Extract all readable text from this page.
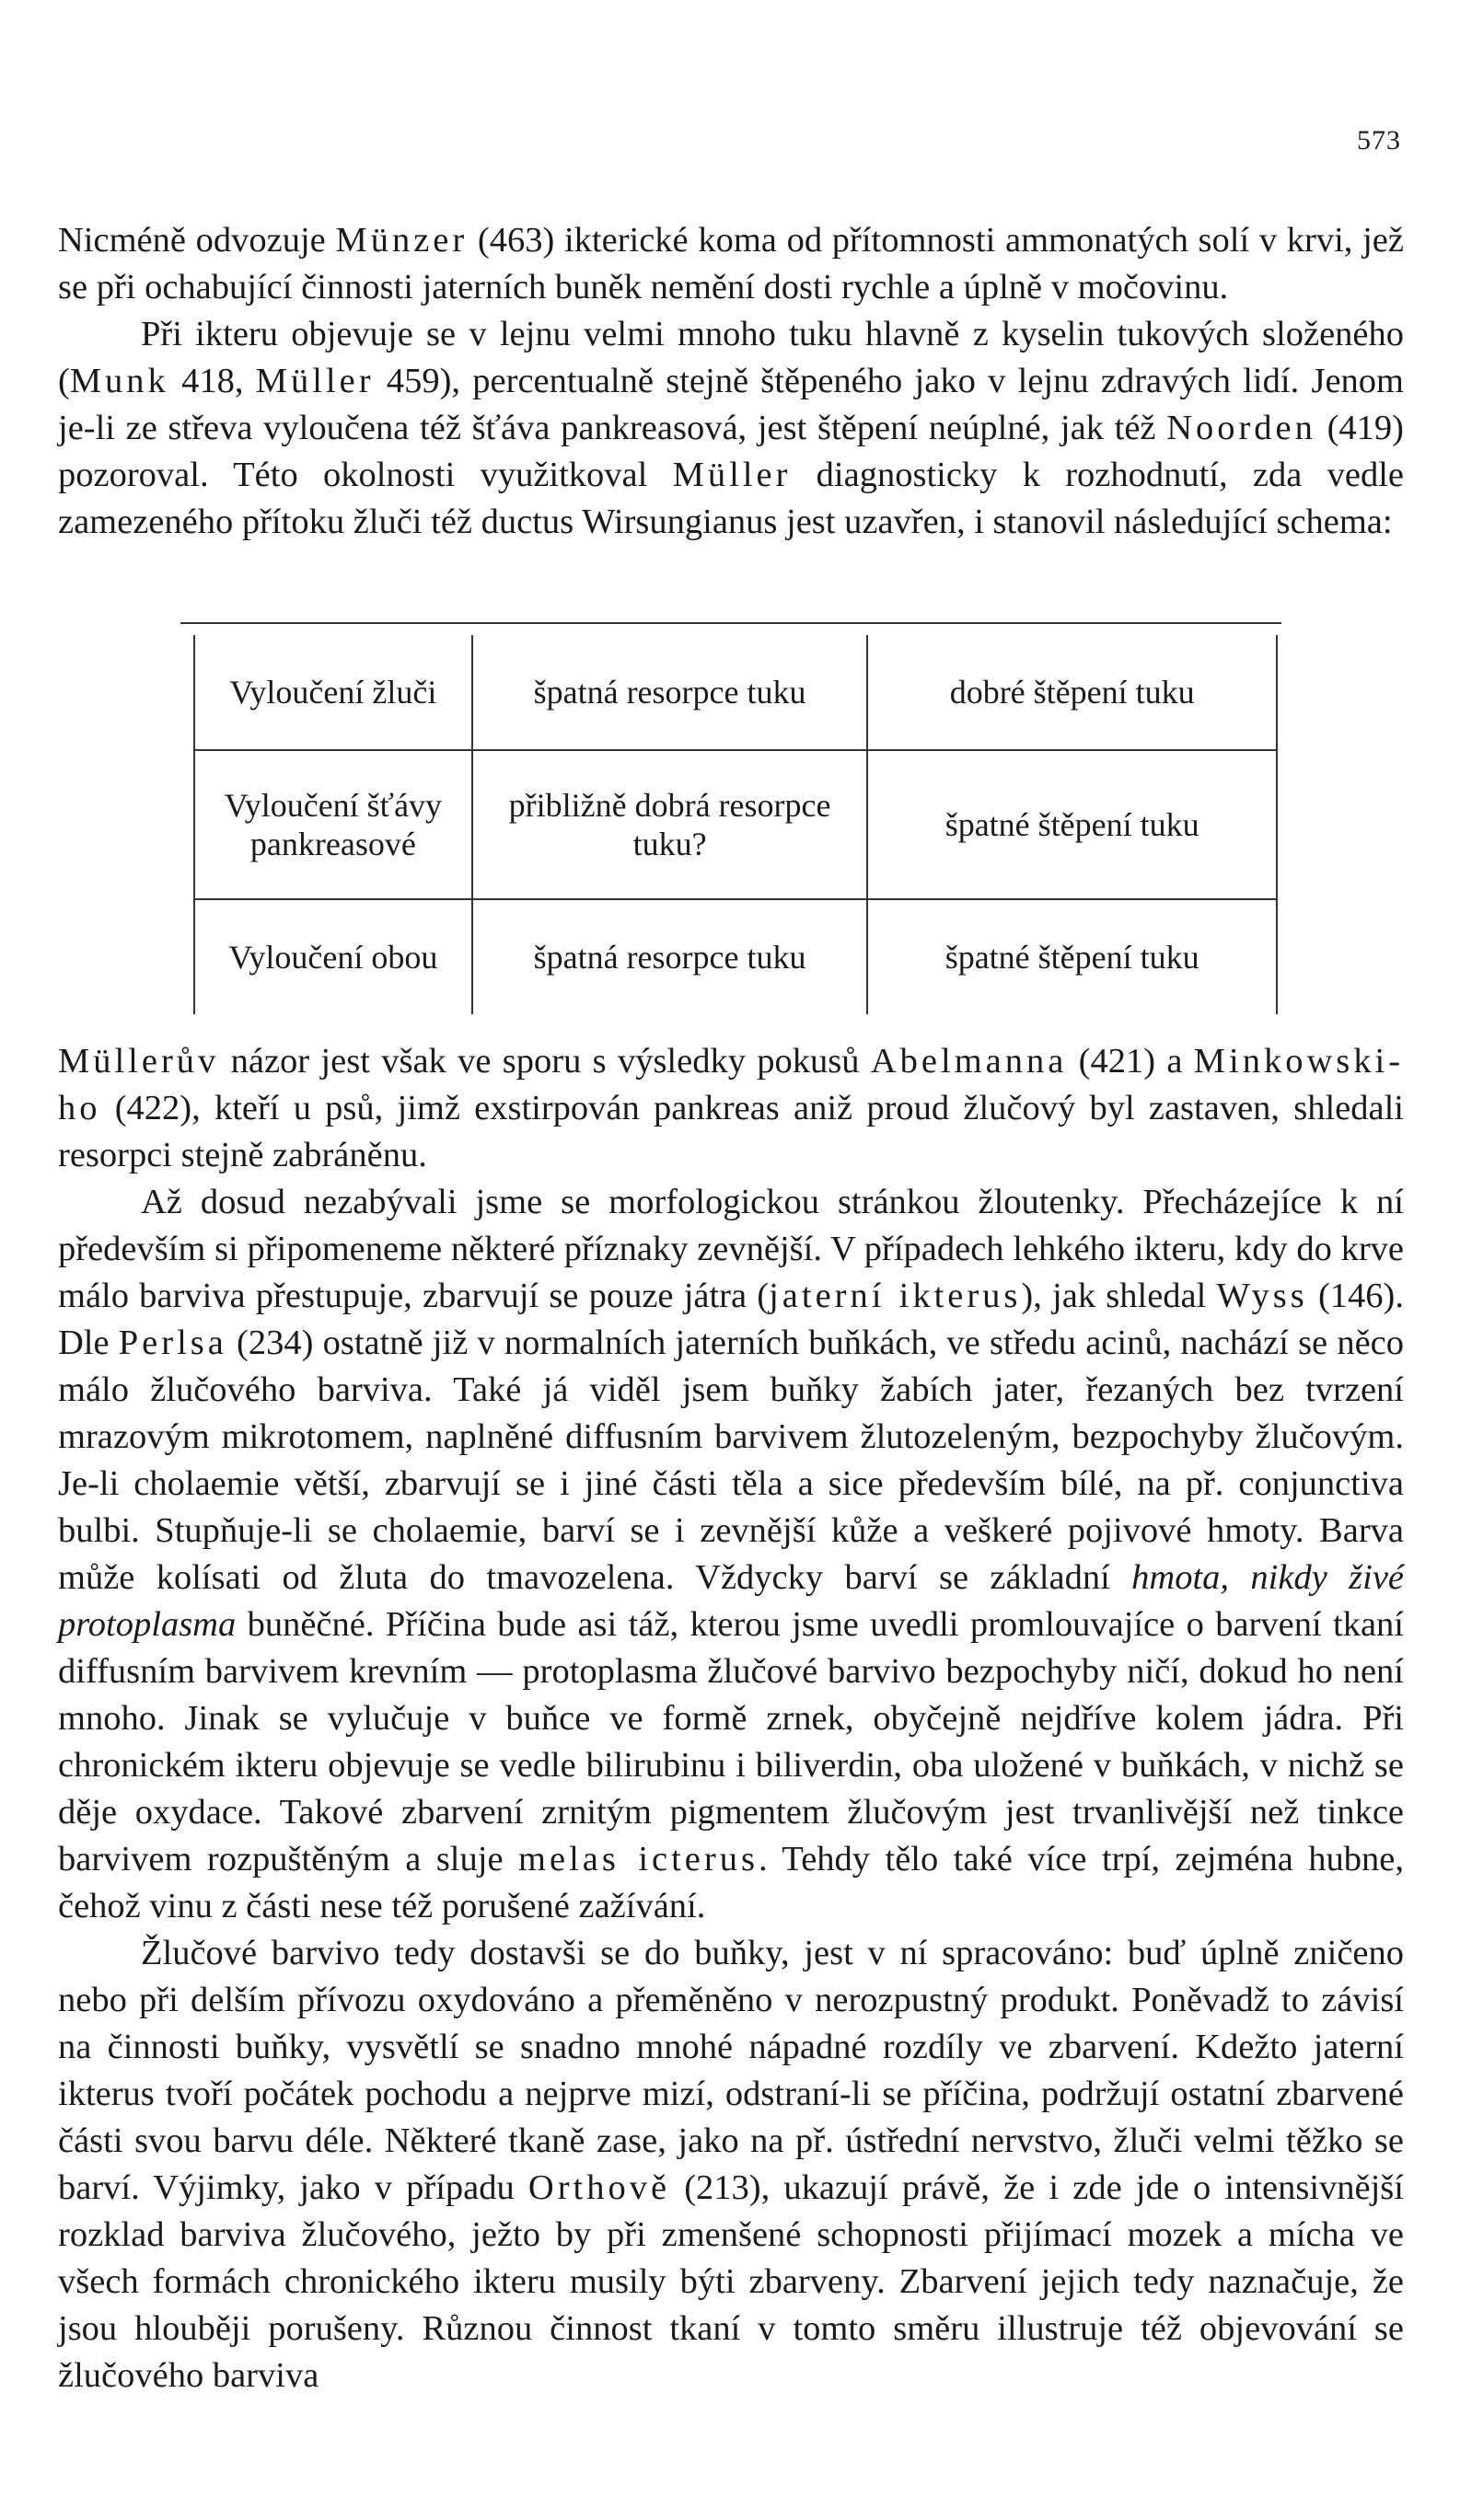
573

Nicméně odvozuje Münzer (463) ikterické koma od přítomnosti ammonatých solí v krvi, jež se při ochabující činnosti jaterních buněk nemění dosti rychle a úplně v močovinu.

Při ikteru objevuje se v lejnu velmi mnoho tuku hlavně z kyselin tukových složeného (Munk 418, Müller 459), percentualně stejně štěpeného jako v lejnu zdravých lidí. Jenom je-li ze střeva vyloučena též šťáva pankreasová, jest štěpení neúplné, jak též Noorden (419) pozoroval. Této okolnosti využitkoval Müller diagnosticky k rozhodnutí, zda vedle zamezeného přítoku žluči též ductus Wirsungianus jest uzavřen, i stanovil následující schema:

Vyloučení žluči	špatná resorpce tuku	dobré štěpení tuku
Vyloučení šťávy pankreasové	přibližně dobrá resorpce tuku?	špatné štěpení tuku
Vyloučení obou	špatná resorpce tuku	špatné štěpení tuku

Müllerův názor jest však ve sporu s výsledky pokusů Abelmanna (421) a Minkowski-ho (422), kteří u psů, jimž exstirpován pankreas aniž proud žlučový byl zastaven, shledali resorpci stejně zabráněnu.

Až dosud nezabývali jsme se morfologickou stránkou žloutenky. Přecházejíce k ní především si připomeneme některé příznaky zevnější. V případech lehkého ikteru, kdy do krve málo barviva přestupuje, zbarvují se pouze játra (jaterní ikterus), jak shledal Wyss (146). Dle Perlsa (234) ostatně již v normalních jaterních buňkách, ve středu acinů, nachází se něco málo žlučového barviva. Také já viděl jsem buňky žabích jater, řezaných bez tvrzení mrazovým mikrotomem, naplněné diffusním barvivem žlutozeleným, bezpochyby žlučovým. Je-li cholaemie větší, zbarvují se i jiné části těla a sice především bílé, na př. conjunctiva bulbi. Stupňuje-li se cholaemie, barví se i zevnější kůže a veškeré pojivové hmoty. Barva může kolísati od žluta do tmavozelena. Vždycky barví se základní hmota, nikdy živé protoplasma buněčné. Příčina bude asi táž, kterou jsme uvedli promlouvajíce o barvení tkaní diffusním barvivem krevním — protoplasma žlučové barvivo bezpochyby ničí, dokud ho není mnoho. Jinak se vylučuje v buňce ve formě zrnek, obyčejně nejdříve kolem jádra. Při chronickém ikteru objevuje se vedle bilirubinu i biliverdin, oba uložené v buňkách, v nichž se děje oxydace. Takové zbarvení zrnitým pigmentem žlučovým jest trvanlivější než tinkce barvivem rozpuštěným a sluje melas icterus. Tehdy tělo také více trpí, zejména hubne, čehož vinu z části nese též porušené zažívání.

Žlučové barvivo tedy dostavši se do buňky, jest v ní spracováno: buď úplně zničeno nebo při delším přívozu oxydováno a přeměněno v nerozpustný produkt. Poněvadž to závisí na činnosti buňky, vysvětlí se snadno mnohé nápadné rozdíly ve zbarvení. Kdežto jaterní ikterus tvoří počátek pochodu a nejprve mizí, odstraní-li se příčina, podržují ostatní zbarvené části svou barvu déle. Některé tkaně zase, jako na př. ústřední nervstvo, žluči velmi těžko se barví. Výjimky, jako v případu Orthově (213), ukazují právě, že i zde jde o intensivnější rozklad barviva žlučového, ježto by při zmenšené schopnosti přijímací mozek a mícha ve všech formách chronického ikteru musily býti zbarveny. Zbarvení jejich tedy naznačuje, že jsou hlouběji porušeny. Různou činnost tkaní v tomto směru illustruje též objevování se žlučového barviva
